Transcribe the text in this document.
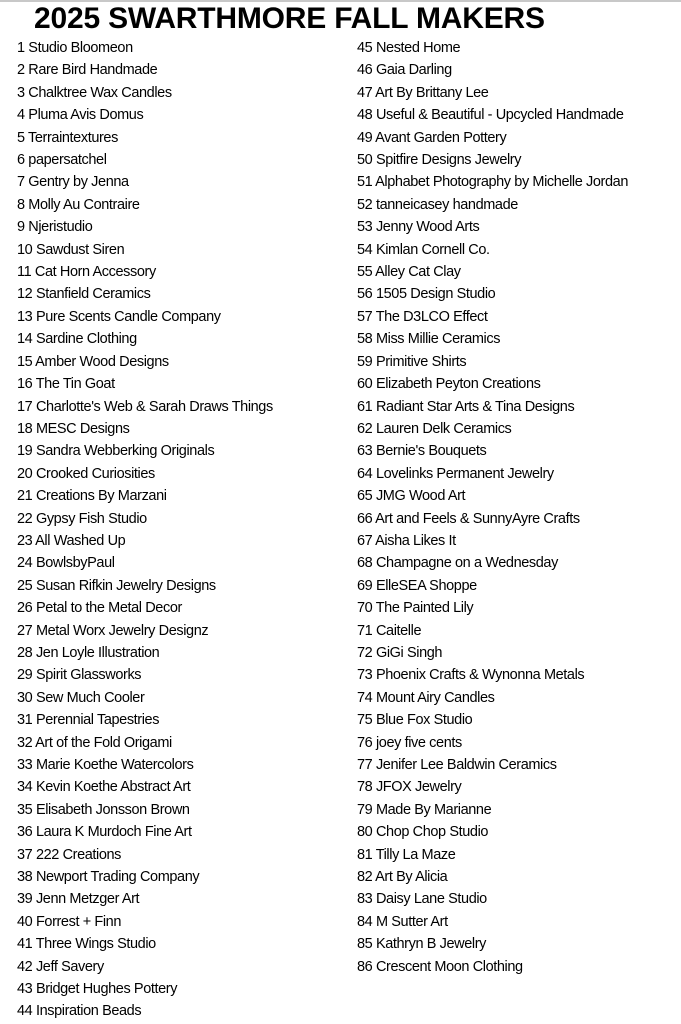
2025 SWARTHMORE FALL MAKERS
1 Studio Bloomeon
2 Rare Bird Handmade
3 Chalktree Wax Candles
4 Pluma Avis Domus
5 Terraintextures
6 papersatchel
7 Gentry by Jenna
8 Molly Au Contraire
9 Njeristudio
10 Sawdust Siren
11 Cat Horn Accessory
12 Stanfield Ceramics
13 Pure Scents Candle Company
14 Sardine Clothing
15 Amber Wood Designs
16 The Tin Goat
17 Charlotte's Web & Sarah Draws Things
18 MESC Designs
19 Sandra Webberking Originals
20 Crooked Curiosities
21 Creations By Marzani
22 Gypsy Fish Studio
23 All Washed Up
24 BowlsbyPaul
25 Susan Rifkin Jewelry Designs
26 Petal to the Metal Decor
27 Metal Worx Jewelry Designz
28 Jen Loyle Illustration
29 Spirit Glassworks
30 Sew Much Cooler
31 Perennial Tapestries
32 Art of the Fold Origami
33 Marie Koethe Watercolors
34 Kevin Koethe Abstract Art
35 Elisabeth Jonsson Brown
36 Laura K Murdoch Fine Art
37 222 Creations
38 Newport Trading Company
39 Jenn Metzger Art
40 Forrest + Finn
41 Three Wings Studio
42 Jeff Savery
43 Bridget Hughes Pottery
44 Inspiration Beads
45 Nested Home
46 Gaia Darling
47 Art By Brittany Lee
48 Useful & Beautiful - Upcycled Handmade
49 Avant Garden Pottery
50 Spitfire Designs Jewelry
51 Alphabet Photography by Michelle Jordan
52 tanneicasey handmade
53 Jenny Wood Arts
54 Kimlan Cornell Co.
55 Alley Cat Clay
56 1505 Design Studio
57 The D3LCO Effect
58 Miss Millie Ceramics
59 Primitive Shirts
60 Elizabeth Peyton Creations
61 Radiant Star Arts & Tina Designs
62 Lauren Delk Ceramics
63 Bernie's Bouquets
64 Lovelinks Permanent Jewelry
65 JMG Wood Art
66 Art and Feels & SunnyAyre Crafts
67 Aisha Likes It
68 Champagne on a Wednesday
69 ElleSEA Shoppe
70 The Painted Lily
71 Caitelle
72 GiGi Singh
73 Phoenix Crafts & Wynonna Metals
74 Mount Airy Candles
75 Blue Fox Studio
76 joey five cents
77 Jenifer Lee Baldwin Ceramics
78 JFOX Jewelry
79 Made By Marianne
80 Chop Chop Studio
81 Tilly La Maze
82 Art By Alicia
83 Daisy Lane Studio
84 M Sutter Art
85 Kathryn B Jewelry
86 Crescent Moon Clothing
